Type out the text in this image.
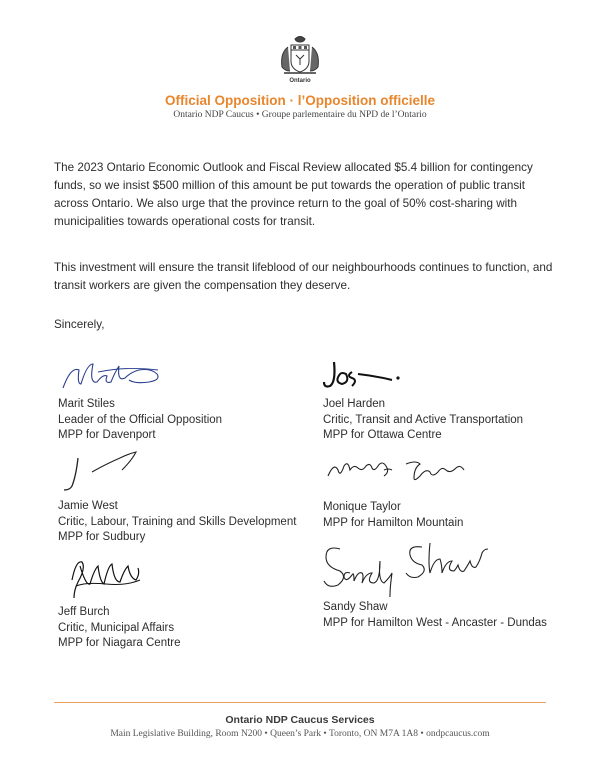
Ontario
Official Opposition · l’Opposition officielle
Ontario NDP Caucus • Groupe parlementaire du NPD de l’Ontario
The 2023 Ontario Economic Outlook and Fiscal Review allocated $5.4 billion for contingency funds, so we insist $500 million of this amount be put towards the operation of public transit across Ontario. We also urge that the province return to the goal of 50% cost-sharing with municipalities towards operational costs for transit.
This investment will ensure the transit lifeblood of our neighbourhoods continues to function, and transit workers are given the compensation they deserve.
Sincerely,
Marit Stiles
Leader of the Official Opposition
MPP for Davenport
Joel Harden
Critic, Transit and Active Transportation
MPP for Ottawa Centre
Jamie West
Critic, Labour, Training and Skills Development
MPP for Sudbury
Monique Taylor
MPP for Hamilton Mountain
Jeff Burch
Critic, Municipal Affairs
MPP for Niagara Centre
Sandy Shaw
MPP for Hamilton West - Ancaster - Dundas
Ontario NDP Caucus Services
Main Legislative Building, Room N200 • Queen’s Park • Toronto, ON M7A 1A8 • ondpcaucus.com
